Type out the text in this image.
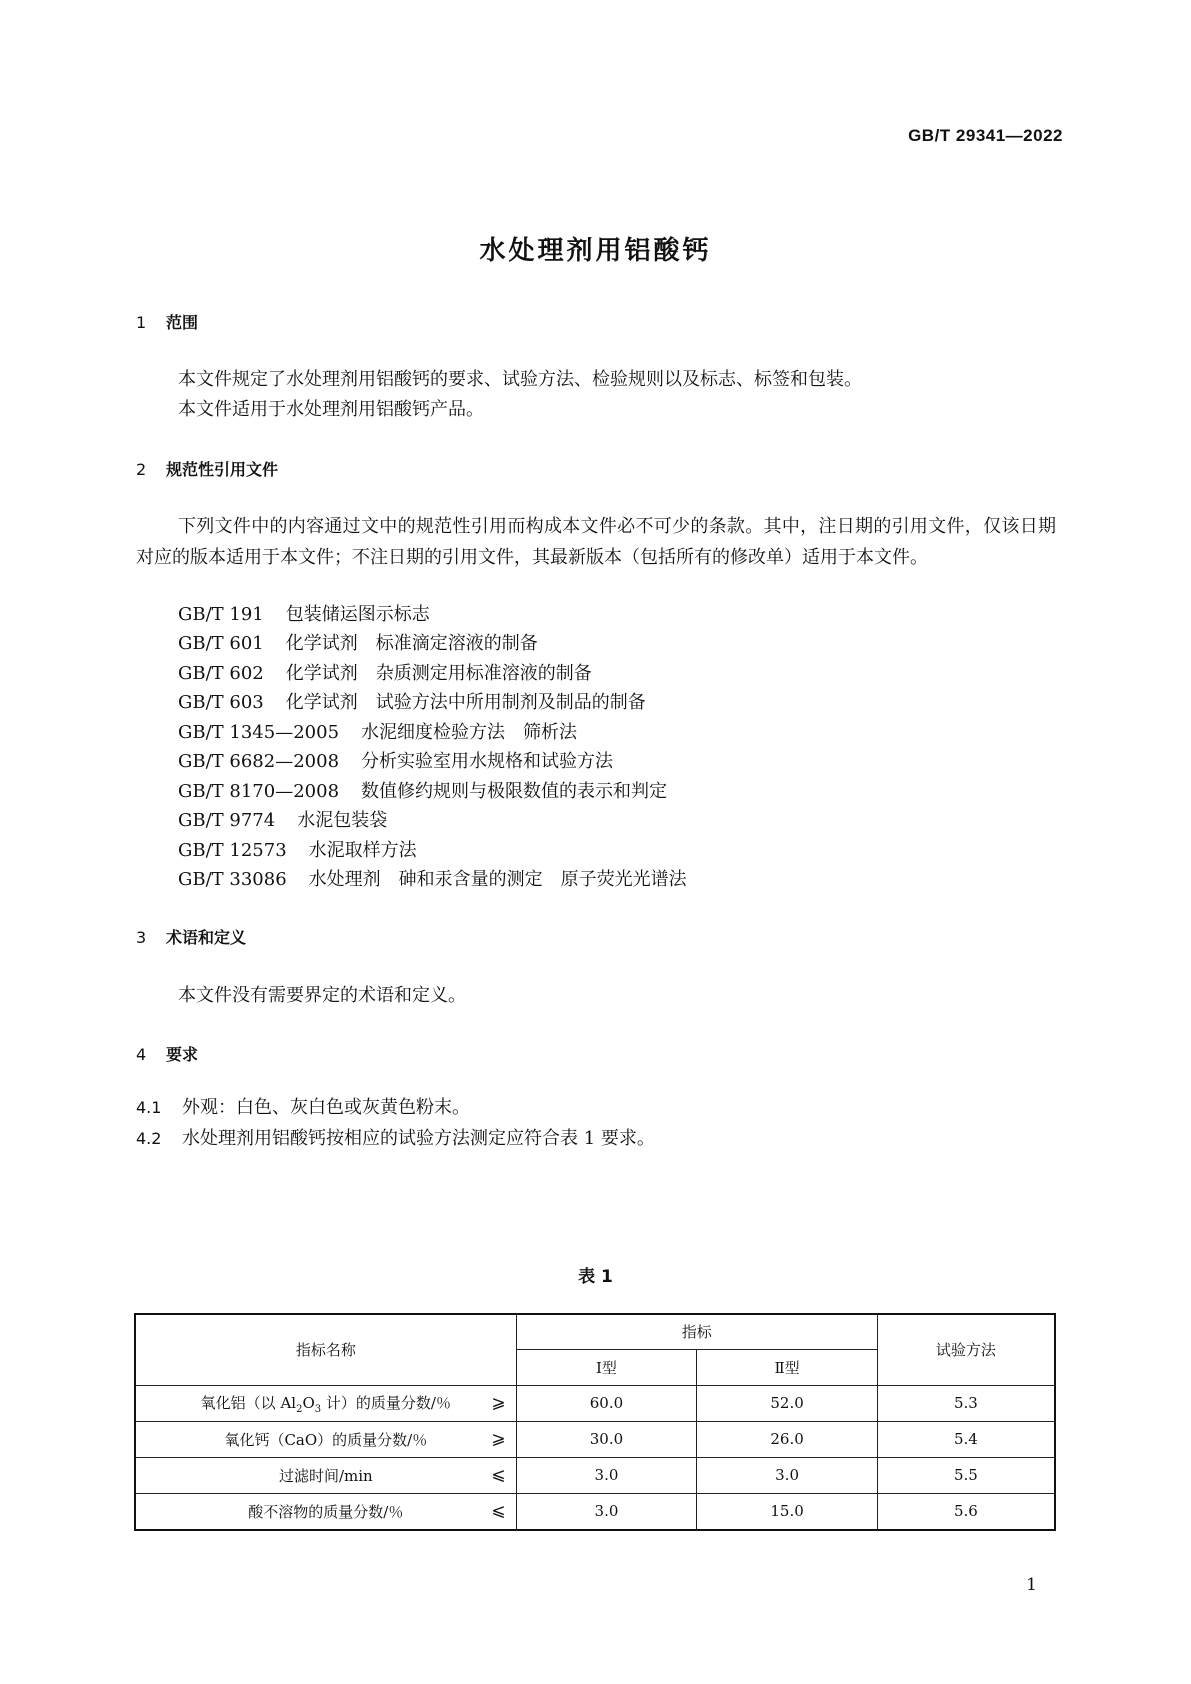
GB/T 29341—2022
水处理剂用铝酸钙
1 范围

本文件规定了水处理剂用铝酸钙的要求、试验方法、检验规则以及标志、标签和包装。

本文件适用于水处理剂用铝酸钙产品。

2 规范性引用文件

下列文件中的内容通过文中的规范性引用而构成本文件必不可少的条款。其中，注日期的引用文件，仅该日期对应的版本适用于本文件；不注日期的引用文件，其最新版本（包括所有的修改单）适用于本文件。

GB/T 191 包装储运图示标志
GB/T 601 化学试剂　标准滴定溶液的制备
GB/T 602 化学试剂　杂质测定用标准溶液的制备
GB/T 603 化学试剂　试验方法中所用制剂及制品的制备
GB/T 1345—2005 水泥细度检验方法　筛析法
GB/T 6682—2008 分析实验室用水规格和试验方法
GB/T 8170—2008 数值修约规则与极限数值的表示和判定
GB/T 9774 水泥包装袋
GB/T 12573 水泥取样方法
GB/T 33086 水处理剂　砷和汞含量的测定　原子荧光光谱法
3 术语和定义

本文件没有需要界定的术语和定义。

4 要求
4.1 外观：白色、灰白色或灰黄色粉末。
4.2 水处理剂用铝酸钙按相应的试验方法测定应符合表 1 要求。
表 1
指标名称	指标		试验方法
	Ⅰ型	Ⅱ型	
氧化铝（以 $Al_2O_3$ 计）的质量分数/％ ⩾	60.0	52.0	5.3
氧化钙（CaO）的质量分数/％ ⩾	30.0	26.0	5.4
过滤时间/min ⩽	3.0	3.0	5.5
酸不溶物的质量分数/％ ⩽	3.0	15.0	5.6
1
